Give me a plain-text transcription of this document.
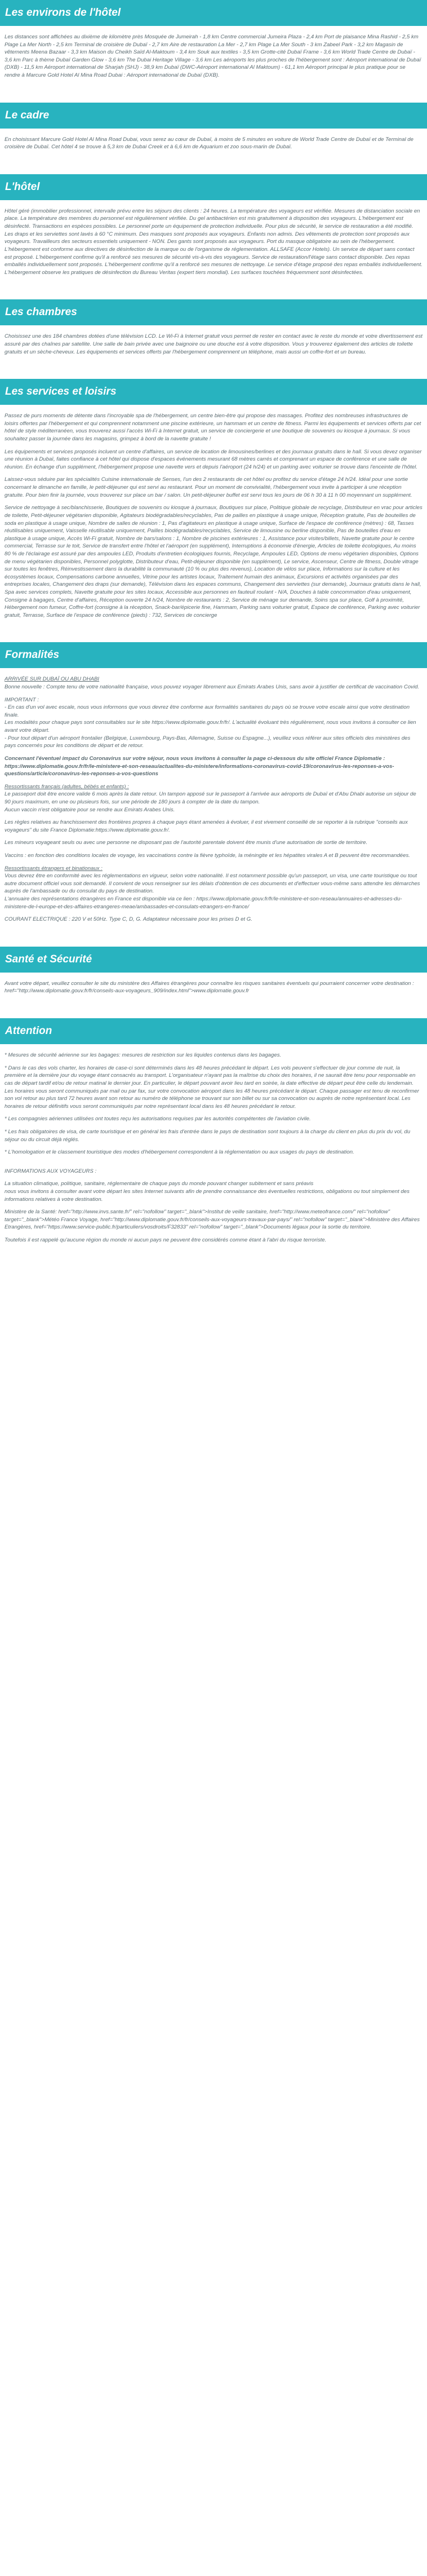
Les environs de l'hôtel

Les distances sont affichées au dixième de kilomètre près Mosquée de Jumeirah - 1,8 km Centre commercial Jumeira Plaza - 2,4 km Port de plaisance Mina Rashid - 2,5 km Plage La Mer North - 2,5 km Terminal de croisière de Dubaï - 2,7 km Aire de restauration La Mer - 2,7 km Plage La Mer South - 3 km Zabeel Park - 3,2 km Magasin de vêtements Meena Bazaar - 3,3 km Maison du Cheikh Saïd Al-Maktoum - 3,4 km Souk aux textiles - 3,5 km Grotte-cité Dubaï Frame - 3,6 km World Trade Centre de Dubaï - 3,6 km Parc à thème Dubaï Garden Glow - 3,6 km The Dubai Heritage Village - 3,6 km Les aéroports les plus proches de l'hébergement sont : Aéroport international de Dubaï (DXB) - 11,5 km Aéroport international de Sharjah (SHJ) - 38,9 km Dubaï (DWC-Aéroport international Al Maktoum) - 61,1 km Aéroport principal le plus pratique pour se rendre à Marcure Gold Hotel Al Mina Road Dubai : Aéroport international de Dubaï (DXB).

Le cadre

En choisissant Marcure Gold Hotel Al Mina Road Dubai, vous serez au cœur de Dubaï, à moins de 5 minutes en voiture de World Trade Centre de Dubaï et de Terminal de croisière de Dubaï. Cet hôtel 4 se trouve à 5,3 km de Dubai Creek et à 6,6 km de Aquarium et zoo sous-marin de Dubaï.

L'hôtel

Hôtel géré (immobilier professionnel, intervalle prévu entre les séjours des clients : 24 heures. La température des voyageurs est vérifiée. Mesures de distanciation sociale en place. La température des membres du personnel est régulièrement vérifiée. Du gel antibactérien est mis gratuitement à disposition des voyageurs. L'hébergement est désinfecté. Transactions en espèces possibles. Le personnel porte un équipement de protection individuelle. Pour plus de sécurité, le service de restauration a été modifié. Les draps et les serviettes sont lavés à 60 °C minimum. Des masques sont proposés aux voyageurs. Enfants non admis. Des vêtements de protection sont proposés aux voyageurs. Travailleurs des secteurs essentiels uniquement - NON. Des gants sont proposés aux voyageurs. Port du masque obligatoire au sein de l'hébergement. L'hébergement est conforme aux directives de désinfection de la marque ou de l'organisme de réglementation. ALLSAFE (Accor Hotels). Un service de départ sans contact est proposé. L'hébergement confirme qu'il a renforcé ses mesures de sécurité vis-à-vis des voyageurs. Service de restauration/l'étage sans contact disponible. Des repas emballés individuellement sont proposés. L'hébergement confirme qu'il a renforcé ses mesures de nettoyage. Le service d'étage proposé des repas emballés individuellement. L'hébergement observe les pratiques de désinfection du Bureau Veritas (expert tiers mondial). Les surfaces touchées fréquemment sont désinfectées.

Les chambres

Choisissez une des 184 chambres dotées d'une télévision LCD. Le Wi-Fi à Internet gratuit vous permet de rester en contact avec le reste du monde et votre divertissement est assuré par des chaînes par satellite. Une salle de bain privée avec une baignoire ou une douche est à votre disposition. Vous y trouverez également des articles de toilette gratuits et un sèche-cheveux. Les équipements et services offerts par l'hébergement comprennent un téléphone, mais aussi un coffre-fort et un bureau.

Les services et loisirs

Passez de purs moments de détente dans l'incroyable spa de l'hébergement, un centre bien-être qui propose des massages. Profitez des nombreuses infrastructures de loisirs offertes par l'hébergement et qui comprennent notamment une piscine extérieure, un hammam et un centre de fitness. Parmi les équipements et services offerts par cet hôtel de style méditerranéen, vous trouverez aussi l'accès Wi-Fi à Internet gratuit, un service de conciergerie et une boutique de souvenirs ou kiosque à journaux. Si vous souhaitez passer la journée dans les magasins, grimpez à bord de la navette gratuite !

Les équipements et services proposés incluent un centre d'affaires, un service de location de limousines/berlines et des journaux gratuits dans le hall. Si vous devez organiser une réunion à Dubaï, faites confiance à cet hôtel qui dispose d'espaces événements mesurant 68 mètres carrés et comprenant un espace de conférence et une salle de réunion. En échange d'un supplément, l'hébergement propose une navette vers et depuis l'aéroport (24 h/24) et un parking avec voiturier se trouve dans l'enceinte de l'hôtel.

Laissez-vous séduire par les spécialités Cuisine internationale de Senses, l'un des 2 restaurants de cet hôtel ou profitez du service d'étage 24 h/24. Idéal pour une sortie concernant le dimanche en famille, le petit-déjeuner qui est servi au restaurant. Pour un moment de convivialité, l'hébergement vous invite à participer à une réception gratuite. Pour bien finir la journée, vous trouverez sur place un bar / salon. Un petit-déjeuner buffet est servi tous les jours de 06 h 30 à 11 h 00 moyennant un supplément.

Service de nettoyage à sec/blanchisserie, Boutiques de souvenirs ou kiosque à journaux, Boutiques sur place, Politique globale de recyclage, Distributeur en vrac pour articles de toilette, Petit-déjeuner végétarien disponible, Agitateurs biodégradables/recyclables, Pas de pailles en plastique à usage unique, Réception gratuite, Pas de bouteilles de soda en plastique à usage unique, Nombre de salles de réunion : 1, Pas d'agitateurs en plastique à usage unique, Surface de l'espace de conférence (mètres) : 68, Tasses réutilisables uniquement, Vaisselle réutilisable uniquement, Pailles biodégradables/recyclables, Service de limousine ou berline disponible, Pas de bouteilles d'eau en plastique à usage unique, Accès Wi-Fi gratuit, Nombre de bars/salons : 1, Nombre de piscines extérieures : 1, Assistance pour visites/billets, Navette gratuite pour le centre commercial, Terrasse sur le toit, Service de transfert entre l'hôtel et l'aéroport (en supplément), Interruptions à économie d'énergie, Articles de toilette écologiques, Au moins 80 % de l'éclairage est assuré par des ampoules LED, Produits d'entretien écologiques fournis, Recyclage, Ampoules LED, Options de menu végétarien disponibles, Options de menu végétarien disponibles, Personnel polyglotte, Distributeur d'eau, Petit-déjeuner disponible (en supplément), Le service, Ascenseur, Centre de fitness, Double vitrage sur toutes les fenêtres, Réinvestissement dans la durabilité la communauté (10 % ou plus des revenus), Location de vélos sur place, Informations sur la culture et les écosystèmes locaux, Compensations carbone annuelles, Vitrine pour les artistes locaux, Traitement humain des animaux, Excursions et activités organisées par des entreprises locales, Changement des draps (sur demande), Télévision dans les espaces communs, Changement des serviettes (sur demande), Journaux gratuits dans le hall, Spa avec services complets, Navette gratuite pour les sites locaux, Accessible aux personnes en fauteuil roulant - N/A, Douches à table concommation d'eau uniquement, Consigne à bagages, Centre d'affaires, Réception ouverte 24 h/24, Nombre de restaurants : 2, Service de ménage sur demande, Soins spa sur place, Golf à proximité, Hébergement non fumeur, Coffre-fort (consigne à la réception, Snack-bar/épicerie fine, Hammam, Parking sans voiturier gratuit, Espace de conférence, Parking avec voiturier gratuit, Terrasse, Surface de l'espace de conférence (pieds) : 732, Services de concierge

Formalités

ARRIVÉE SUR DUBAÏ OU ABU DHABI

Bonne nouvelle : Compte tenu de votre nationalité française, vous pouvez voyager librement aux Emirats Arabes Unis, sans avoir à justifier de certificat de vaccination Covid.

IMPORTANT :

- En cas d'un vol avec escale, nous vous informons que vous devrez être conforme aux formalités sanitaires du pays où se trouve votre escale ainsi que votre destination finale.

Les modalités pour chaque pays sont consultables sur le site https://www.diplomatie.gouv.fr/fr/. L'actualité évoluant très régulièrement, nous vous invitons à consulter ce lien avant votre départ.

- Pour tout départ d'un aéroport frontalier (Belgique, Luxembourg, Pays-Bas, Allemagne, Suisse ou Espagne...), veuillez vous référer aux sites officiels des ministères des pays concernés pour les conditions de départ et de retour.

Concernant l'éventuel impact du Coronavirus sur votre séjour, nous vous invitons à consulter la page ci-dessous du site officiel France Diplomatie :

https://www.diplomatie.gouv.fr/fr/le-ministere-et-son-reseau/actualites-du-ministere/informations-coronavirus-covid-19/coronavirus-les-reponses-a-vos-questions/article/coronavirus-les-reponses-a-vos-questions

Ressortissants français (adultes, bébés et enfants) :

Le passeport doit être encore valide 6 mois après la date retour. Un tampon apposé sur le passeport à l'arrivée aux aéroports de Dubaï et d'Abu Dhabi autorise un séjour de 90 jours maximum, en une ou plusieurs fois, sur une période de 180 jours à compter de la date du tampon.

Aucun vaccin n'est obligatoire pour se rendre aux Emirats Arabes Unis.

Les règles relatives au franchissement des frontières propres à chaque pays étant amenées à évoluer, il est vivement conseillé de se reporter à la rubrique "conseils aux voyageurs" du site France Diplomatie:https://www.diplomatie.gouv.fr/.

Les mineurs voyageant seuls ou avec une personne ne disposant pas de l'autorité parentale doivent être munis d'une autorisation de sortie de territoire.

Vaccins : en fonction des conditions locales de voyage, les vaccinations contre la fièvre typhoïde, la méningite et les hépatites virales A et B peuvent être recommandées.

Ressortissants étrangers et binationaux :

Vous devrez être en conformité avec les réglementations en vigueur, selon votre nationalité. Il est notamment possible qu'un passeport, un visa, une carte touristique ou tout autre document officiel vous soit demandé. Il convient de vous renseigner sur les délais d'obtention de ces documents et d'effectuer vous-même sans attendre les démarches auprès de l'ambassade ou du consulat du pays de destination.

L'annuaire des représentations étrangères en France est disponible via ce lien : https://www.diplomatie.gouv.fr/fr/le-ministere-et-son-reseau/annuaires-et-adresses-du-ministere-de-l-europe-et-des-affaires-etrangeres-meae/ambassades-et-consulats-etrangers-en-france/

COURANT ELECTRIQUE : 220 V et 50Hz. Type C, D, G. Adaptateur nécessaire pour les prises D et G.

Santé et Sécurité

Avant votre départ, veuillez consulter le site du ministère des Affaires étrangères pour connaître les risques sanitaires éventuels qui pourraient concerner votre destination : href="http://www.diplomatie.gouv.fr/fr/conseils-aux-voyageurs_909/index.html">www.diplomatie.gouv.fr

Attention

* Mesures de sécurité aérienne sur les bagages: mesures de restriction sur les liquides contenus dans les bagages.

* Dans le cas des vols charter, les horaires de case-ci sont déterminés dans les 48 heures précédant le départ. Les vols peuvent s'effectuer de jour comme de nuit, la première et la dernière jour du voyage étant consacrés au transport. L'organisateur n'ayant pas la maîtrise du choix des horaires, il ne saurait être tenu pour responsable en cas de départ tardif et/ou de retour matinal le dernier jour. En particulier, le départ pouvant avoir lieu tard en soirée, la date effective de départ peut être celle du lendemain. Les horaires vous seront communiqués par mail ou par fax, sur votre convocation aéroport dans les 48 heures précédant le départ. Chaque passager est tenu de reconfirmer son vol retour au plus tard 72 heures avant son retour au numéro de téléphone se trouvant sur son billet ou sur sa convocation ou auprès de notre représentant local. Les horaires de retour définitifs vous seront communiqués par notre représentant local dans les 48 heures précédant le retour.

* Les compagnies aériennes utilisées ont toutes reçu les autorisations requises par les autorités compétentes de l'aviation civile.

* Les frais obligatoires de visa, de carte touristique et en général les frais d'entrée dans le pays de destination sont toujours à la charge du client en plus du prix du vol, du séjour ou du circuit déjà réglés.

* L'homologation et le classement touristique des modes d'hébergement correspondent à la réglementation ou aux usages du pays de destination.

INFORMATIONS AUX VOYAGEURS :

La situation climatique, politique, sanitaire, réglementaire de chaque pays du monde pouvant changer subitement et sans préavis

nous vous invitons à consulter avant votre départ les sites Internet suivants afin de prendre connaissance des éventuelles restrictions, obligations ou tout simplement des informations relatives à votre destination.

Ministère de la Santé: href="http://www.invs.sante.fr/" rel="nofollow" target="_blank">Institut de veille sanitaire, href="http://www.meteofrance.com/" rel="nofollow" target="_blank">Météo France Voyage, href="http://www.diplomatie.gouv.fr/fr/conseils-aux-voyageurs-travaux-par-pays/" rel="nofollow" target="_blank">Ministère des Affaires Etrangères, href="https://www.service-public.fr/particuliers/vosdroits/F32833" rel="nofollow" target="_blank">Documents légaux pour la sortie du territoire.

Toutefois il est rappelé qu'aucune région du monde ni aucun pays ne peuvent être considérés comme étant à l'abri du risque terroriste.
